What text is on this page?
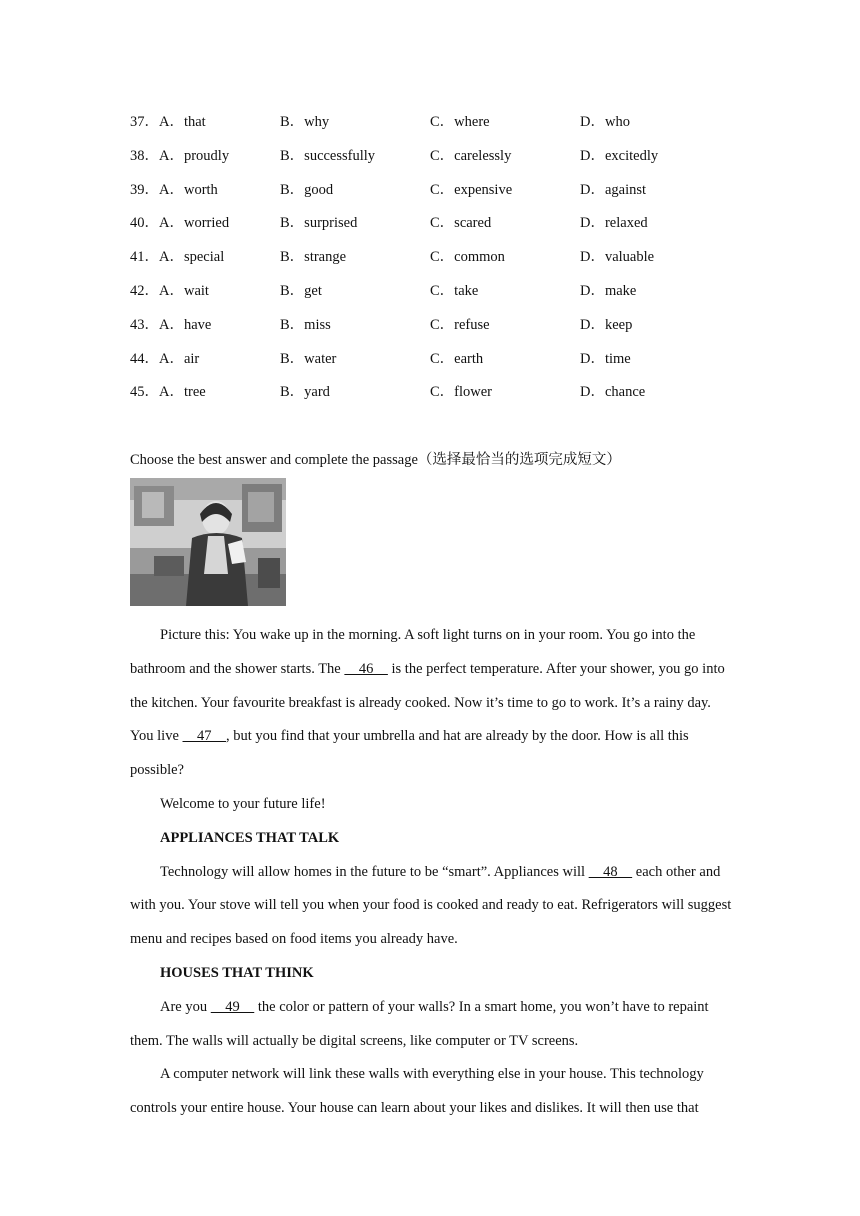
37．A．that	B．why	C．where	D．who
38．A．proudly	B．successfully	C．carelessly	D．excitedly
39．A．worth	B．good	C．expensive	D．against
40．A．worried	B．surprised	C．scared	D．relaxed
41．A．special	B．strange	C．common	D．valuable
42．A．wait	B．get	C．take	D．make
43．A．have	B．miss	C．refuse	D．keep
44．A．air	B．water	C．earth	D．time
45．A．tree	B．yard	C．flower	D．chance
Choose the best answer and complete the passage（选择最恰当的选项完成短文）

Picture this: You wake up in the morning. A soft light turns on in your room. You go into the bathroom and the shower starts. The     46     is the perfect temperature. After your shower, you go into the kitchen. Your favourite breakfast is already cooked. Now it’s time to go to work. It’s a rainy day. You live     47    , but you find that your umbrella and hat are already by the door. How is all this possible?

Welcome to your future life!

APPLIANCES THAT TALK

Technology will allow homes in the future to be “smart”. Appliances will     48     each other and with you. Your stove will tell you when your food is cooked and ready to eat. Refrigerators will suggest menu and recipes based on food items you already have.

HOUSES THAT THINK

Are you     49     the color or pattern of your walls? In a smart home, you won’t have to repaint them. The walls will actually be digital screens, like computer or TV screens.

A computer network will link these walls with everything else in your house. This technology controls your entire house. Your house can learn about your likes and dislikes. It will then use that
